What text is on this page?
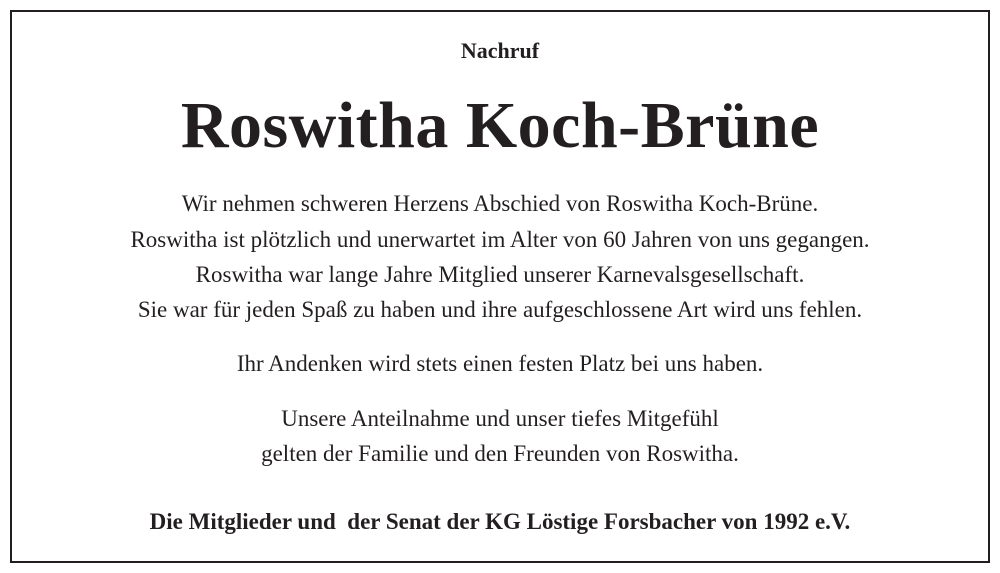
Nachruf
Roswitha Koch-Brüne
Wir nehmen schweren Herzens Abschied von Roswitha Koch-Brüne.
Roswitha ist plötzlich und unerwartet im Alter von 60 Jahren von uns gegangen.
Roswitha war lange Jahre Mitglied unserer Karnevalsgesellschaft.
Sie war für jeden Spaß zu haben und ihre aufgeschlossene Art wird uns fehlen.
Ihr Andenken wird stets einen festen Platz bei uns haben.
Unsere Anteilnahme und unser tiefes Mitgefühl
gelten der Familie und den Freunden von Roswitha.
Die Mitglieder und  der Senat der KG Löstige Forsbacher von 1992 e.V.
